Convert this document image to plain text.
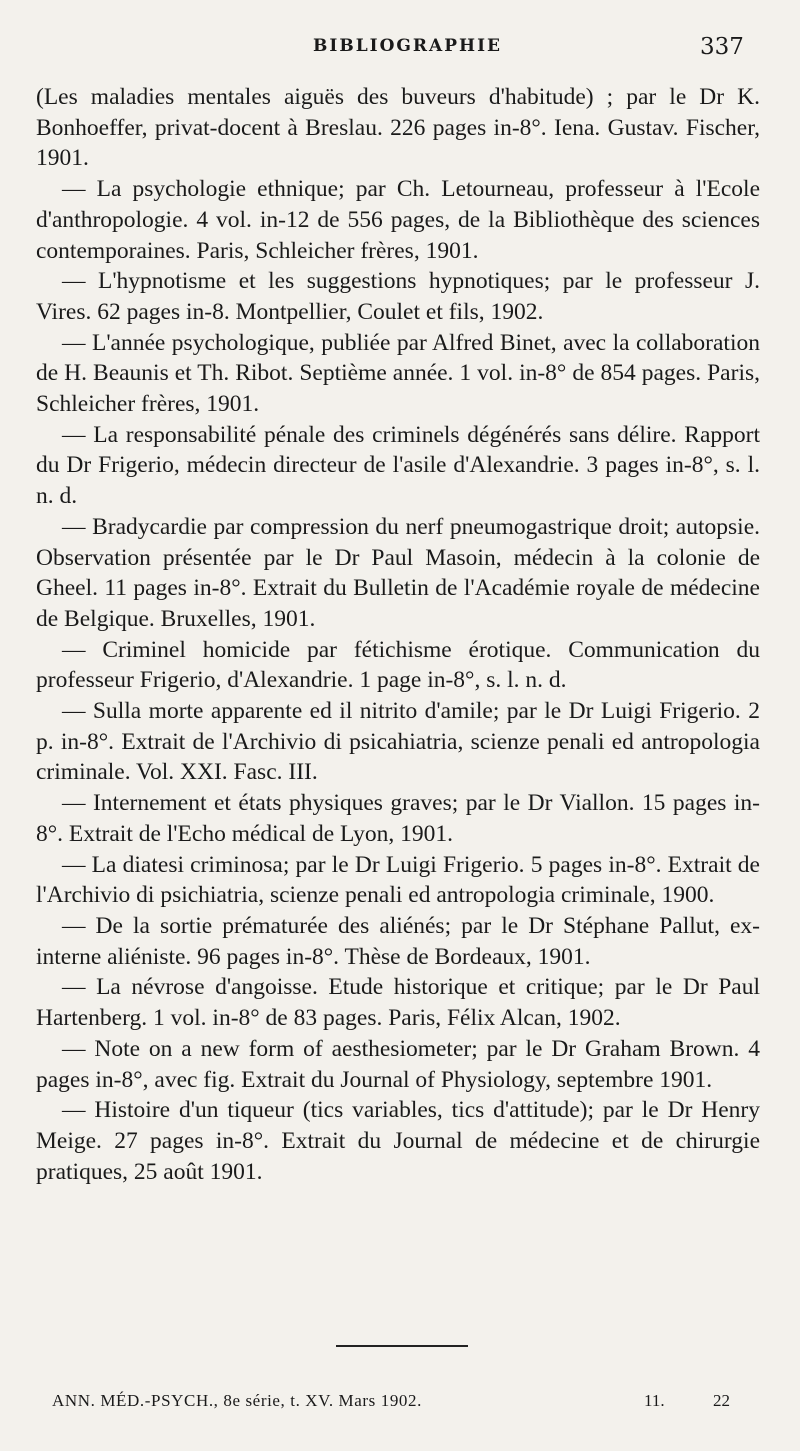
BIBLIOGRAPHIE	337

(Les maladies mentales aiguës des buveurs d'habitude) ; par le Dr K. Bonhoeffer, privat-docent à Breslau. 226 pages in-8°. Iena. Gustav. Fischer, 1901.

— La psychologie ethnique; par Ch. Letourneau, professeur à l'Ecole d'anthropologie. 4 vol. in-12 de 556 pages, de la Bibliothèque des sciences contemporaines. Paris, Schleicher frères, 1901.

— L'hypnotisme et les suggestions hypnotiques; par le professeur J. Vires. 62 pages in-8. Montpellier, Coulet et fils, 1902.

— L'année psychologique, publiée par Alfred Binet, avec la collaboration de H. Beaunis et Th. Ribot. Septième année. 1 vol. in-8° de 854 pages. Paris, Schleicher frères, 1901.

— La responsabilité pénale des criminels dégénérés sans délire. Rapport du Dr Frigerio, médecin directeur de l'asile d'Alexandrie. 3 pages in-8°, s. l. n. d.

— Bradycardie par compression du nerf pneumogastrique droit; autopsie. Observation présentée par le Dr Paul Masoin, médecin à la colonie de Gheel. 11 pages in-8°. Extrait du Bulletin de l'Académie royale de médecine de Belgique. Bruxelles, 1901.

— Criminel homicide par fétichisme érotique. Communication du professeur Frigerio, d'Alexandrie. 1 page in-8°, s. l. n. d.

— Sulla morte apparente ed il nitrito d'amile; par le Dr Luigi Frigerio. 2 p. in-8°. Extrait de l'Archivio di psicahiatria, scienze penali ed antropologia criminale. Vol. XXI. Fasc. III.

— Internement et états physiques graves; par le Dr Viallon. 15 pages in-8°. Extrait de l'Echo médical de Lyon, 1901.

— La diatesi criminosa; par le Dr Luigi Frigerio. 5 pages in-8°. Extrait de l'Archivio di psichiatria, scienze penali ed antropologia criminale, 1900.

— De la sortie prématurée des aliénés; par le Dr Stéphane Pallut, ex-interne aliéniste. 96 pages in-8°. Thèse de Bordeaux, 1901.

— La névrose d'angoisse. Etude historique et critique; par le Dr Paul Hartenberg. 1 vol. in-8° de 83 pages. Paris, Félix Alcan, 1902.

— Note on a new form of aesthesiometer; par le Dr Graham Brown. 4 pages in-8°, avec fig. Extrait du Journal of Physiology, septembre 1901.

— Histoire d'un tiqueur (tics variables, tics d'attitude); par le Dr Henry Meige. 27 pages in-8°. Extrait du Journal de médecine et de chirurgie pratiques, 25 août 1901.

ANN. MÉD.-PSYCH., 8e série, t. XV. Mars 1902.	11.	22
